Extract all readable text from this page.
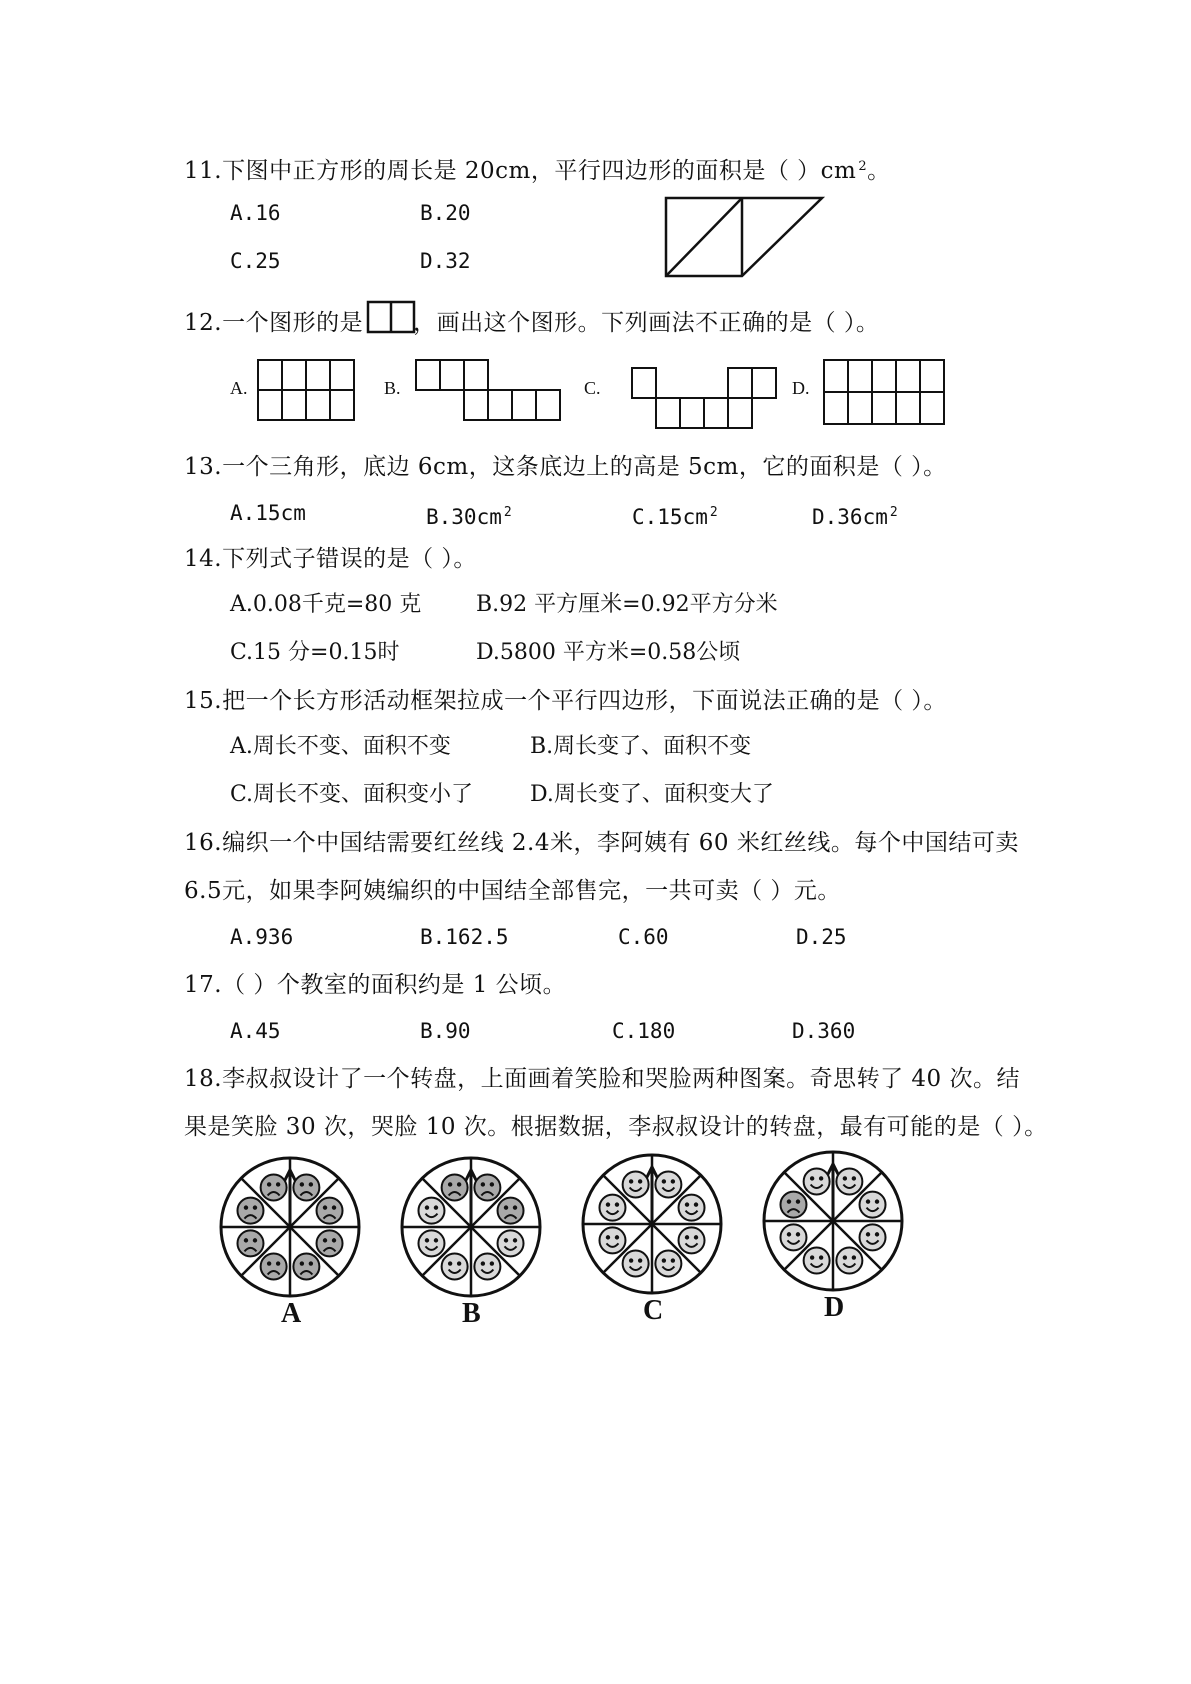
11.下图中正方形的周长是 20cm，平行四边形的面积是（ ）cm $^2$。
A.16	B.20
C.25	D.32
12.一个图形的是 ，画出这个图形。下列画法不正确的是（ ）。
A.	B.	C.	D.
13.一个三角形，底边 6cm，这条底边上的高是 5cm，它的面积是（ ）。
A.15cm	B.30cm $^2$	C.15cm $^2$	D.36cm $^2$
14.下列式子错误的是（ ）。
A.0.08千克=80 克 B.92 平方厘米=0.92平方分米
C.15 分=0.15时	D.5800 平方米=0.58公顷
15.把一个长方形活动框架拉成一个平行四边形，下面说法正确的是（ ）。
A.周长不变、面积不变	B.周长变了、面积不变
C.周长不变、面积变小了	D.周长变了、面积变大了
16.编织一个中国结需要红丝线 2.4米，李阿姨有 60 米红丝线。每个中国结可卖
6.5元，如果李阿姨编织的中国结全部售完，一共可卖（ ）元。
A.936	B.162.5	C.60	D.25
17.（ ）个教室的面积约是 1 公顷。
A.45	B.90	C.180	D.360
18.李叔叔设计了一个转盘，上面画着笑脸和哭脸两种图案。奇思转了 40 次。结
果是笑脸 30 次，哭脸 10 次。根据数据，李叔叔设计的转盘，最有可能的是（ ）。
A	B	C	D
